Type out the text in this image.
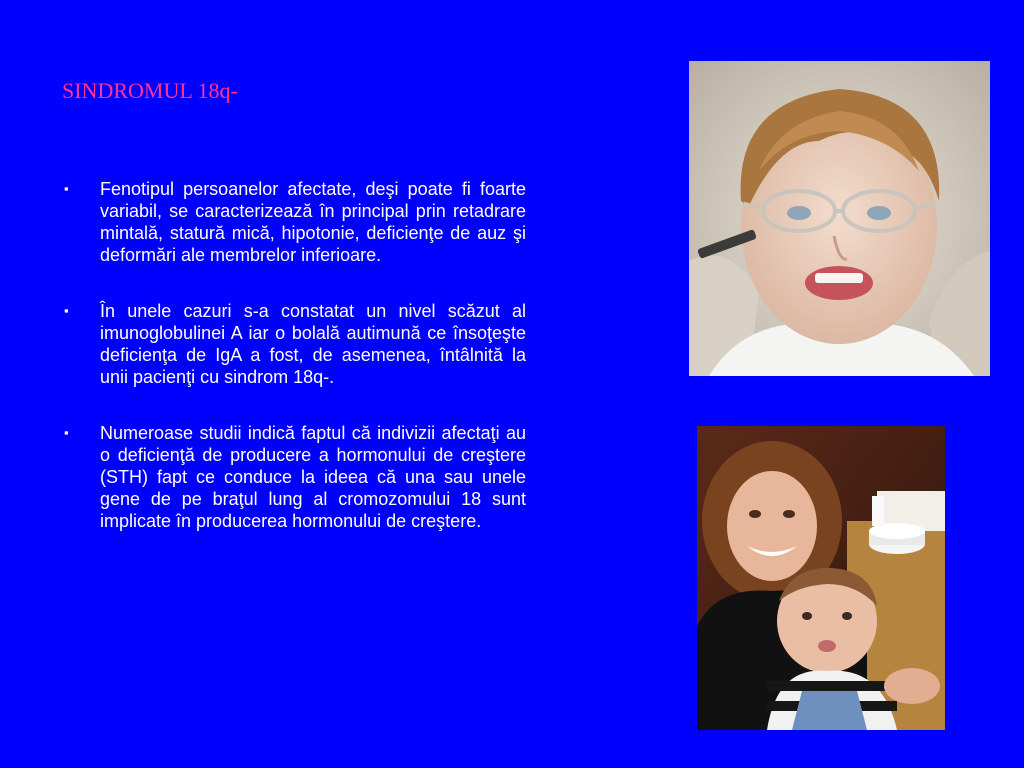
SINDROMUL 18q-
▪ Fenotipul persoanelor afectate, deşi poate fi foarte variabil, se caracterizează în principal prin retadrare mintală, statură mică, hipotonie, deficienţe de auz şi deformări ale membrelor inferioare.
▪ În unele cazuri s-a constatat un nivel scăzut al imunoglobulinei A iar o bolală autimună ce însoţeşte deficienţa de IgA a fost, de asemenea, întâlnită la unii pacienţi cu sindrom 18q-.
▪ Numeroase studii indică faptul că indivizii afectaţi au o deficienţă de producere a hormonului de creştere (STH) fapt ce conduce la ideea că una sau unele gene de pe braţul lung al cromozomului 18 sunt implicate în producerea hormonului de creştere.
